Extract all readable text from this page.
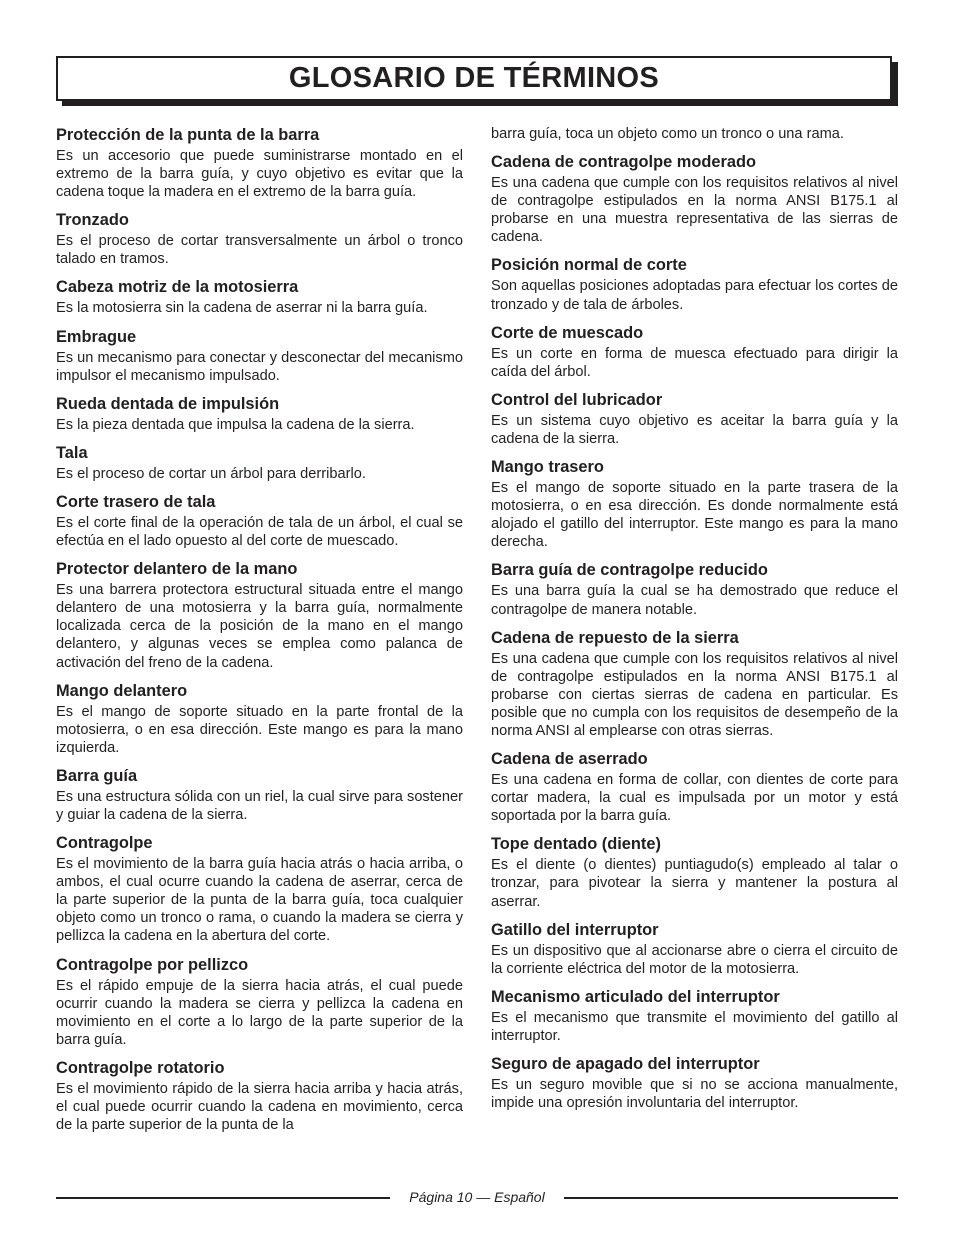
GLOSARIO DE TÉRMINOS
Protección de la punta de la barra

Es un accesorio que puede suministrarse montado en el extremo de la barra guía, y cuyo objetivo es evitar que la cadena toque la madera en el extremo de la barra guía.

Tronzado

Es el proceso de cortar transversalmente un árbol o tronco talado en tramos.

Cabeza motriz de la motosierra

Es la motosierra sin la cadena de aserrar ni la barra guía.

Embrague

Es un mecanismo para conectar y desconectar del mecanismo impulsor el mecanismo impulsado.

Rueda dentada de impulsión

Es la pieza dentada que impulsa la cadena de la sierra.

Tala

Es el proceso de cortar un árbol para derribarlo.

Corte trasero de tala

Es el corte final de la operación de tala de un árbol, el cual se efectúa en el lado opuesto al del corte de muescado.

Protector delantero de la mano

Es una barrera protectora estructural situada entre el mango delantero de una motosierra y la barra guía, normalmente localizada cerca de la posición de la mano en el mango delantero, y algunas veces se emplea como palanca de activación del freno de la cadena.

Mango delantero

Es el mango de soporte situado en la parte frontal de la motosierra, o en esa dirección. Este mango es para la mano izquierda.

Barra guía

Es una estructura sólida con un riel, la cual sirve para sostener y guiar la cadena de la sierra.

Contragolpe

Es el movimiento de la barra guía hacia atrás o hacia arriba, o ambos, el cual ocurre cuando la cadena de aserrar, cerca de la parte superior de la punta de la barra guía, toca cualquier objeto como un tronco o rama, o cuando la madera se cierra y pellizca la cadena en la abertura del corte.

Contragolpe por pellizco

Es el rápido empuje de la sierra hacia atrás, el cual puede ocurrir cuando la madera se cierra y pellizca la cadena en movimiento en el corte a lo largo de la parte superior de la barra guía.

Contragolpe rotatorio

Es el movimiento rápido de la sierra hacia arriba y hacia atrás, el cual puede ocurrir cuando la cadena en movimiento, cerca de la parte superior de la punta de la

barra guía, toca un objeto como un tronco o una rama.

Cadena de contragolpe moderado

Es una cadena que cumple con los requisitos relativos al nivel de contragolpe estipulados en la norma ANSI B175.1 al probarse en una muestra representativa de las sierras de cadena.

Posición normal de corte

Son aquellas posiciones adoptadas para efectuar los cortes de tronzado y de tala de árboles.

Corte de muescado

Es un corte en forma de muesca efectuado para dirigir la caída del árbol.

Control del lubricador

Es un sistema cuyo objetivo es aceitar la barra guía y la cadena de la sierra.

Mango trasero

Es el mango de soporte situado en la parte trasera de la motosierra, o en esa dirección. Es donde normalmente está alojado el gatillo del interruptor. Este mango es para la mano derecha.

Barra guía de contragolpe reducido

Es una barra guía la cual se ha demostrado que reduce el contragolpe de manera notable.

Cadena de repuesto de la sierra

Es una cadena que cumple con los requisitos relativos al nivel de contragolpe estipulados en la norma ANSI B175.1 al probarse con ciertas sierras de cadena en particular. Es posible que no cumpla con los requisitos de desempeño de la norma ANSI al emplearse con otras sierras.

Cadena de aserrado

Es una cadena en forma de collar, con dientes de corte para cortar madera, la cual es impulsada por un motor y está soportada por la barra guía.

Tope dentado (diente)

Es el diente (o dientes) puntiagudo(s) empleado al talar o tronzar, para pivotear la sierra y mantener la postura al aserrar.

Gatillo del interruptor

Es un dispositivo que al accionarse abre o cierra el circuito de la corriente eléctrica del motor de la motosierra.

Mecanismo articulado del interruptor

Es el mecanismo que transmite el movimiento del gatillo al interruptor.

Seguro de apagado del interruptor

Es un seguro movible que si no se acciona manualmente, impide una opresión involuntaria del interruptor.

Página 10 — Español
